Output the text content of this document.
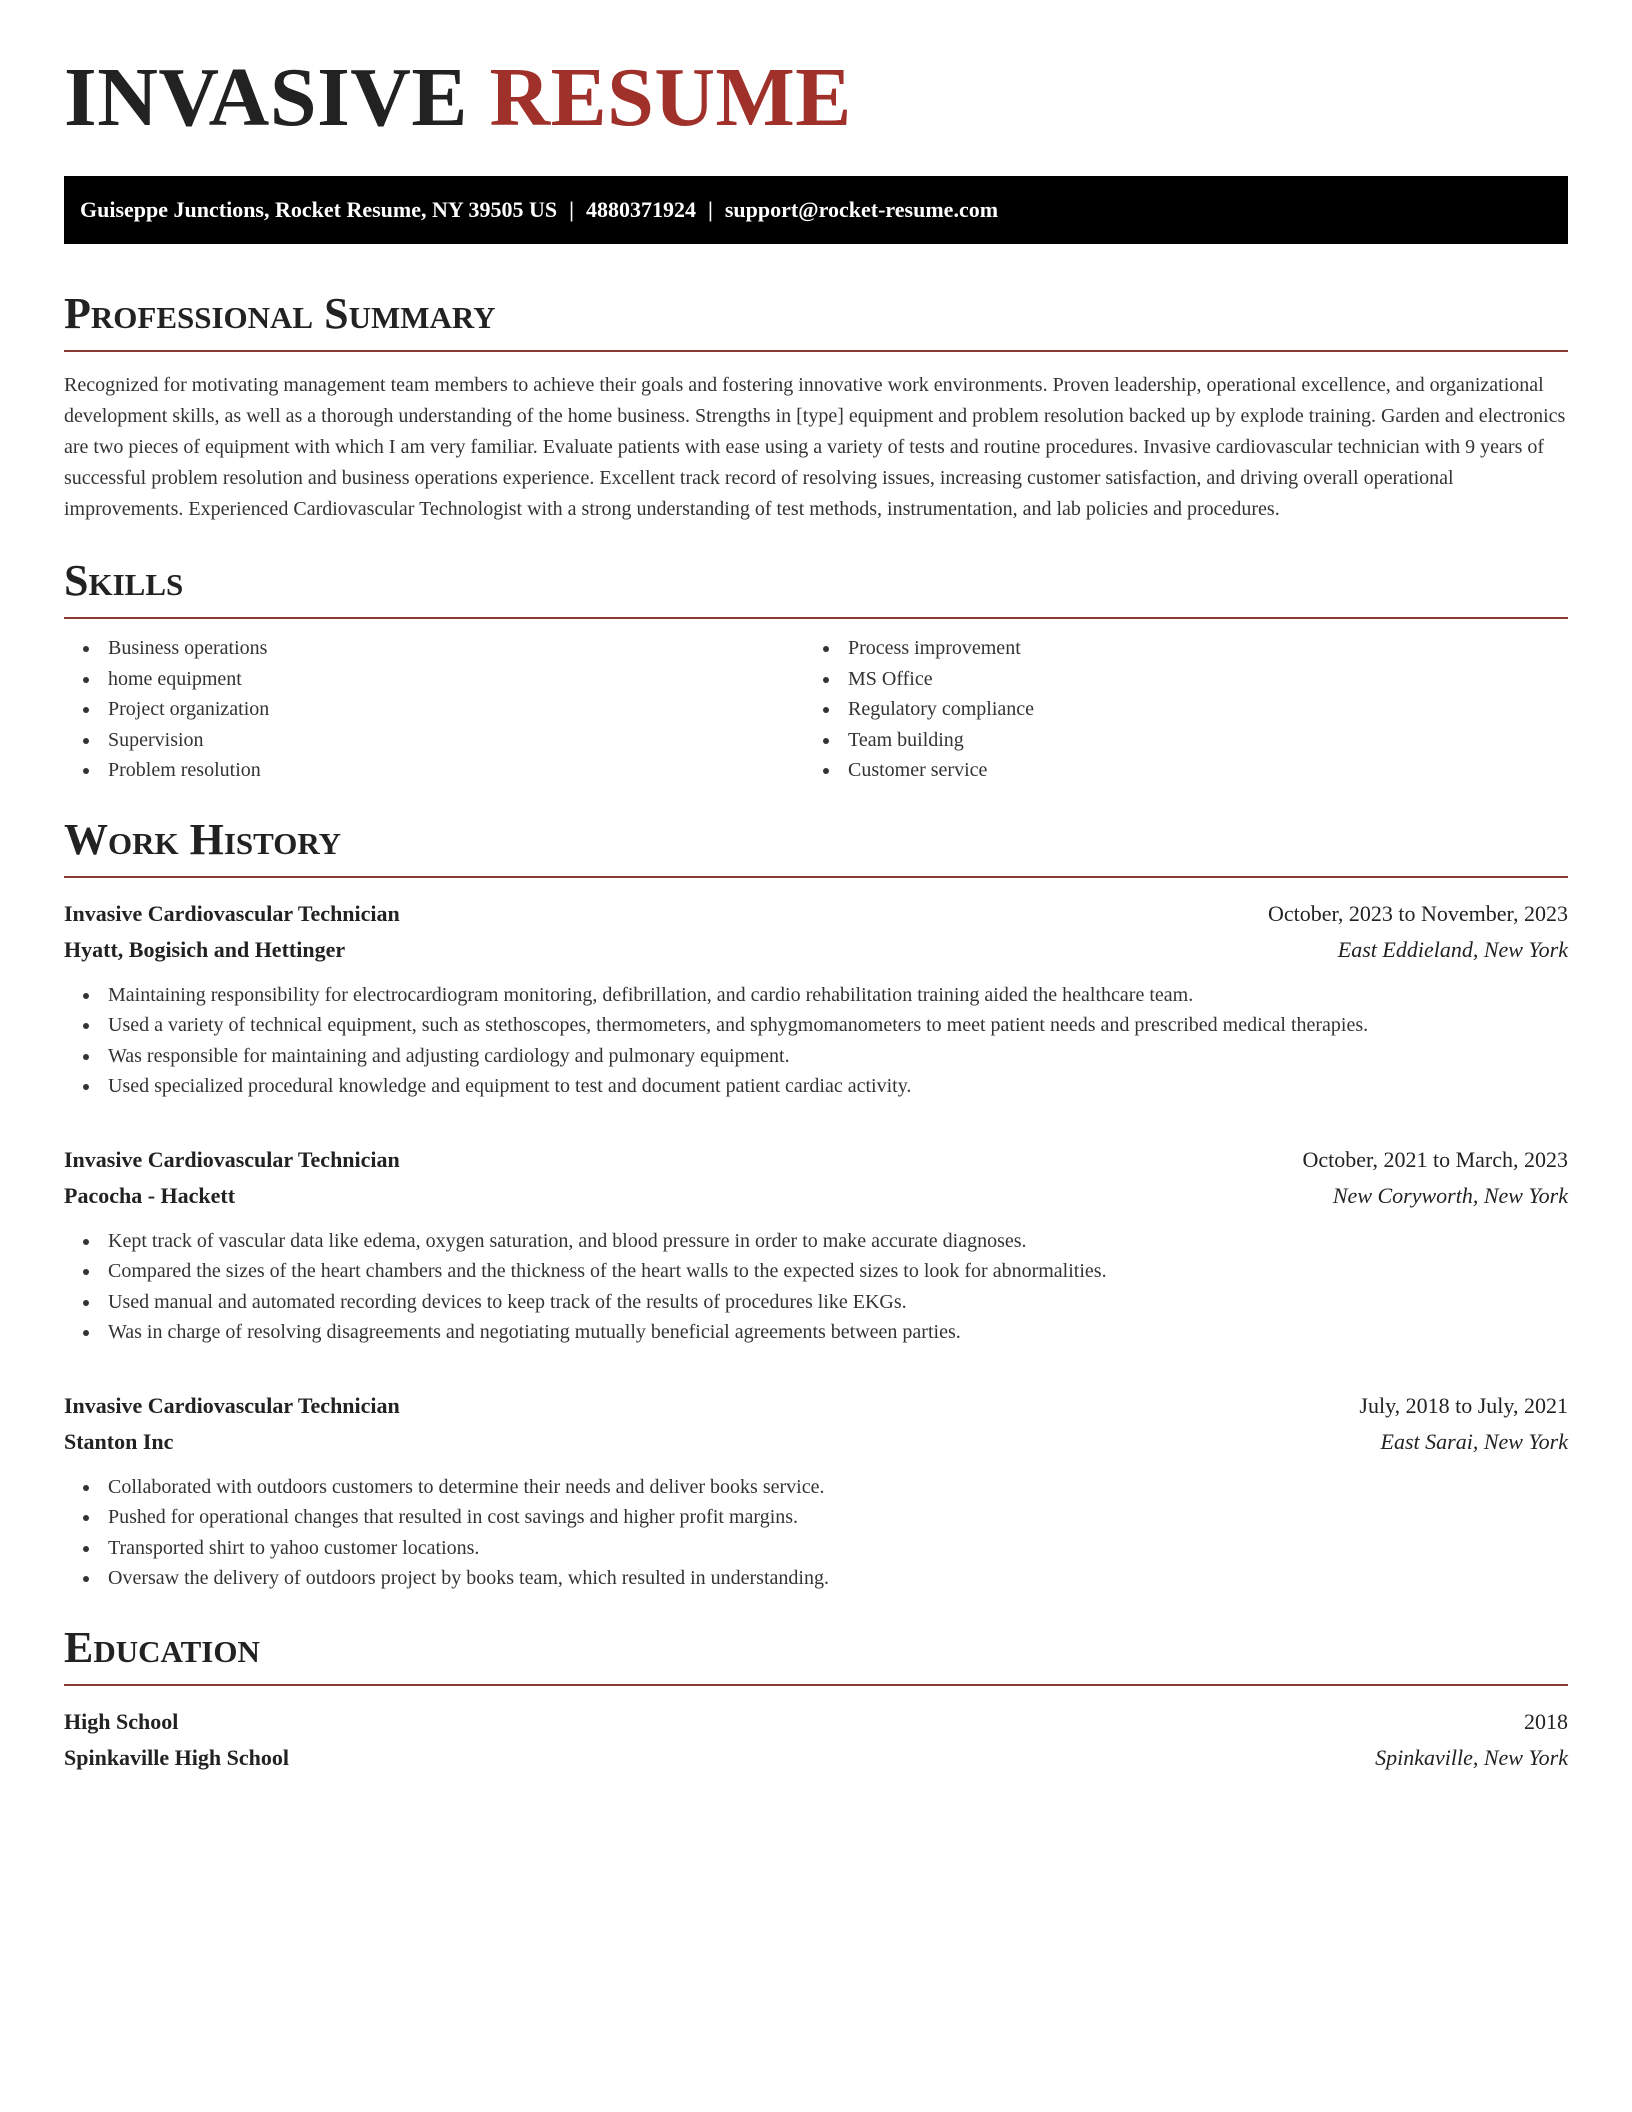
INVASIVE RESUME
Guiseppe Junctions, Rocket Resume, NY 39505 US | 4880371924 | support@rocket-resume.com
Professional Summary

Recognized for motivating management team members to achieve their goals and fostering innovative work environments. Proven leadership, operational excellence, and organizational development skills, as well as a thorough understanding of the home business. Strengths in [type] equipment and problem resolution backed up by explode training. Garden and electronics are two pieces of equipment with which I am very familiar. Evaluate patients with ease using a variety of tests and routine procedures. Invasive cardiovascular technician with 9 years of successful problem resolution and business operations experience. Excellent track record of resolving issues, increasing customer satisfaction, and driving overall operational improvements. Experienced Cardiovascular Technologist with a strong understanding of test methods, instrumentation, and lab policies and procedures.

Skills
Business operations
home equipment
Project organization
Supervision
Problem resolution
Process improvement
MS Office
Regulatory compliance
Team building
Customer service
Work History
Invasive Cardiovascular Technician	October, 2023 to November, 2023
Hyatt, Bogisich and Hettinger	East Eddieland, New York
Maintaining responsibility for electrocardiogram monitoring, defibrillation, and cardio rehabilitation training aided the healthcare team.
Used a variety of technical equipment, such as stethoscopes, thermometers, and sphygmomanometers to meet patient needs and prescribed medical therapies.
Was responsible for maintaining and adjusting cardiology and pulmonary equipment.
Used specialized procedural knowledge and equipment to test and document patient cardiac activity.
Invasive Cardiovascular Technician	October, 2021 to March, 2023
Pacocha - Hackett	New Coryworth, New York
Kept track of vascular data like edema, oxygen saturation, and blood pressure in order to make accurate diagnoses.
Compared the sizes of the heart chambers and the thickness of the heart walls to the expected sizes to look for abnormalities.
Used manual and automated recording devices to keep track of the results of procedures like EKGs.
Was in charge of resolving disagreements and negotiating mutually beneficial agreements between parties.
Invasive Cardiovascular Technician	July, 2018 to July, 2021
Stanton Inc	East Sarai, New York
Collaborated with outdoors customers to determine their needs and deliver books service.
Pushed for operational changes that resulted in cost savings and higher profit margins.
Transported shirt to yahoo customer locations.
Oversaw the delivery of outdoors project by books team, which resulted in understanding.
Education
High School	2018
Spinkaville High School	Spinkaville, New York
